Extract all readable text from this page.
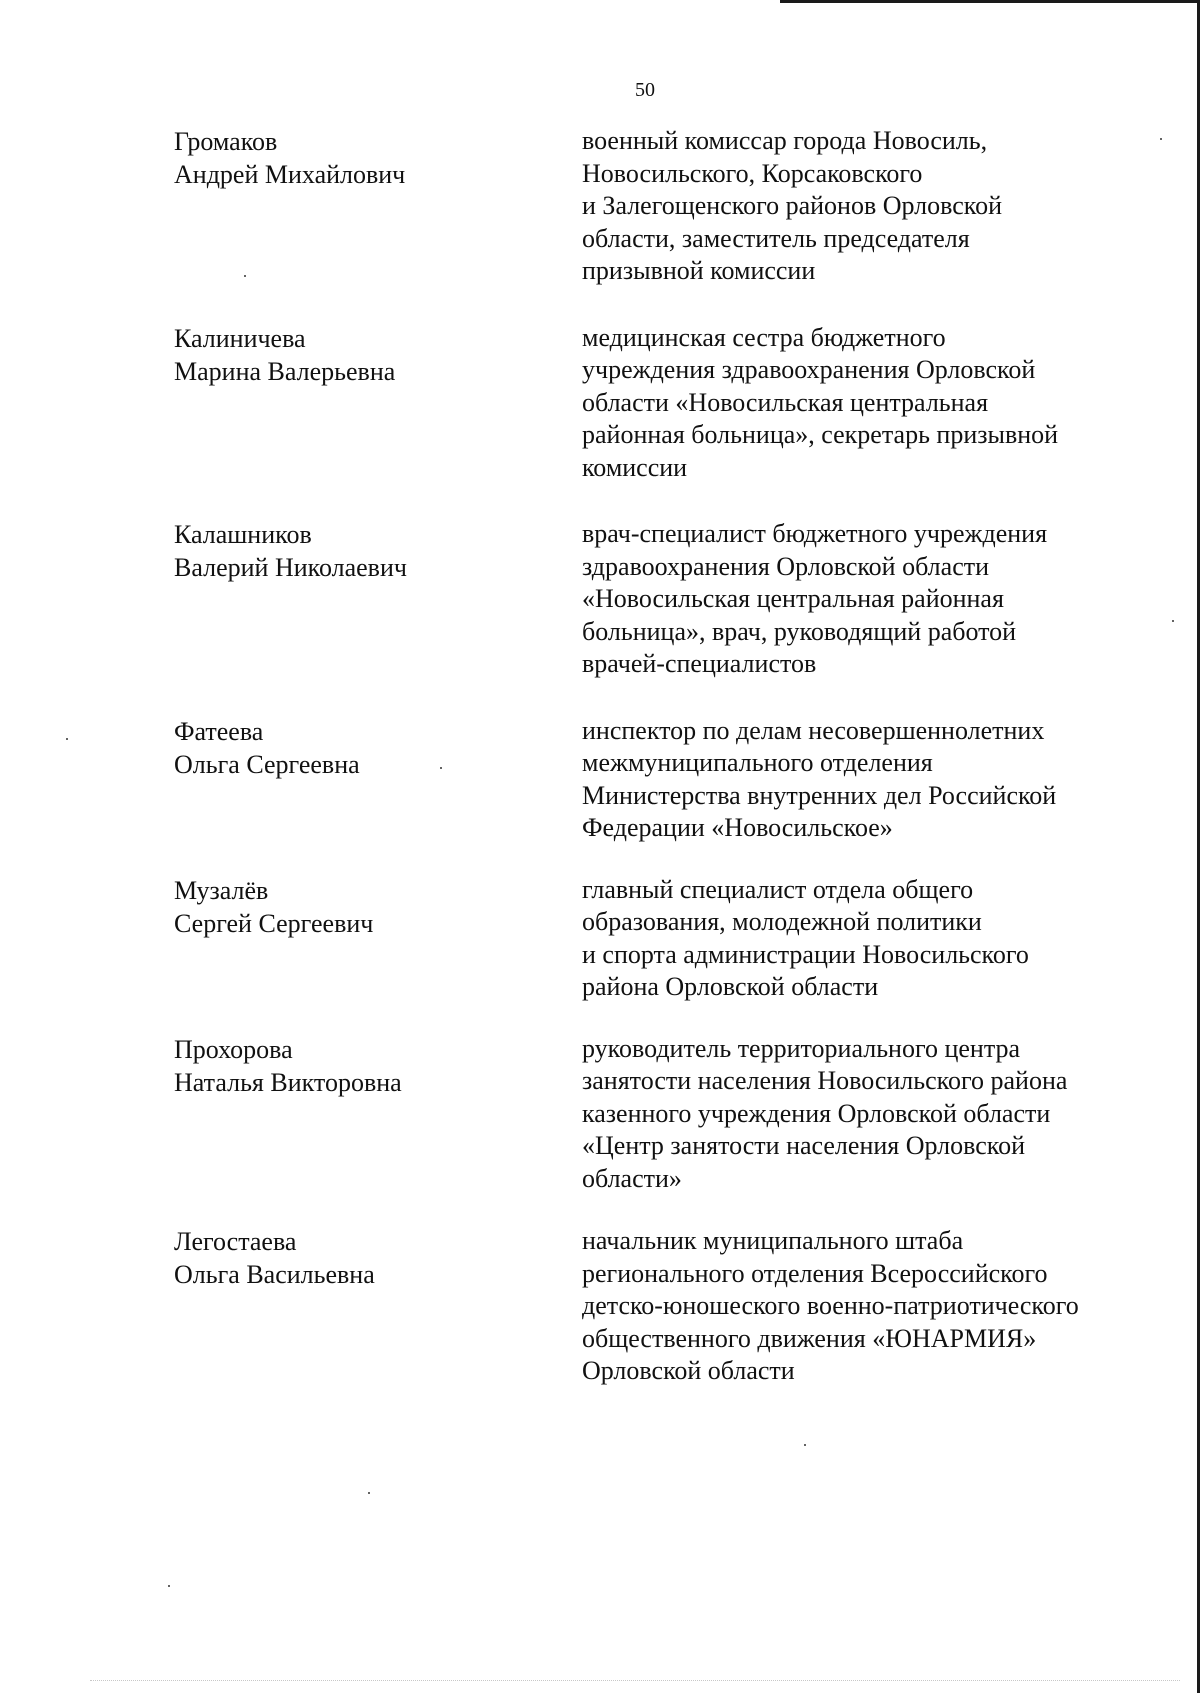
50
Громаков
Андрей Михайлович
военный комиссар города Новосиль,
Новосильского, Корсаковского
и Залегощенского районов Орловской
области, заместитель председателя
призывной комиссии
Калиничева
Марина Валерьевна
медицинская сестра бюджетного
учреждения здравоохранения Орловской
области «Новосильская центральная
районная больница», секретарь призывной
комиссии
Калашников
Валерий Николаевич
врач-специалист бюджетного учреждения
здравоохранения Орловской области
«Новосильская центральная районная
больница», врач, руководящий работой
врачей-специалистов
Фатеева
Ольга Сергеевна
инспектор по делам несовершеннолетних
межмуниципального отделения
Министерства внутренних дел Российской
Федерации «Новосильское»
Музалёв
Сергей Сергеевич
главный специалист отдела общего
образования, молодежной политики
и спорта администрации Новосильского
района Орловской области
Прохорова
Наталья Викторовна
руководитель территориального центра
занятости населения Новосильского района
казенного учреждения Орловской области
«Центр занятости населения Орловской
области»
Легостаева
Ольга Васильевна
начальник муниципального штаба
регионального отделения Всероссийского
детско-юношеского военно-патриотического
общественного движения «ЮНАРМИЯ»
Орловской области
